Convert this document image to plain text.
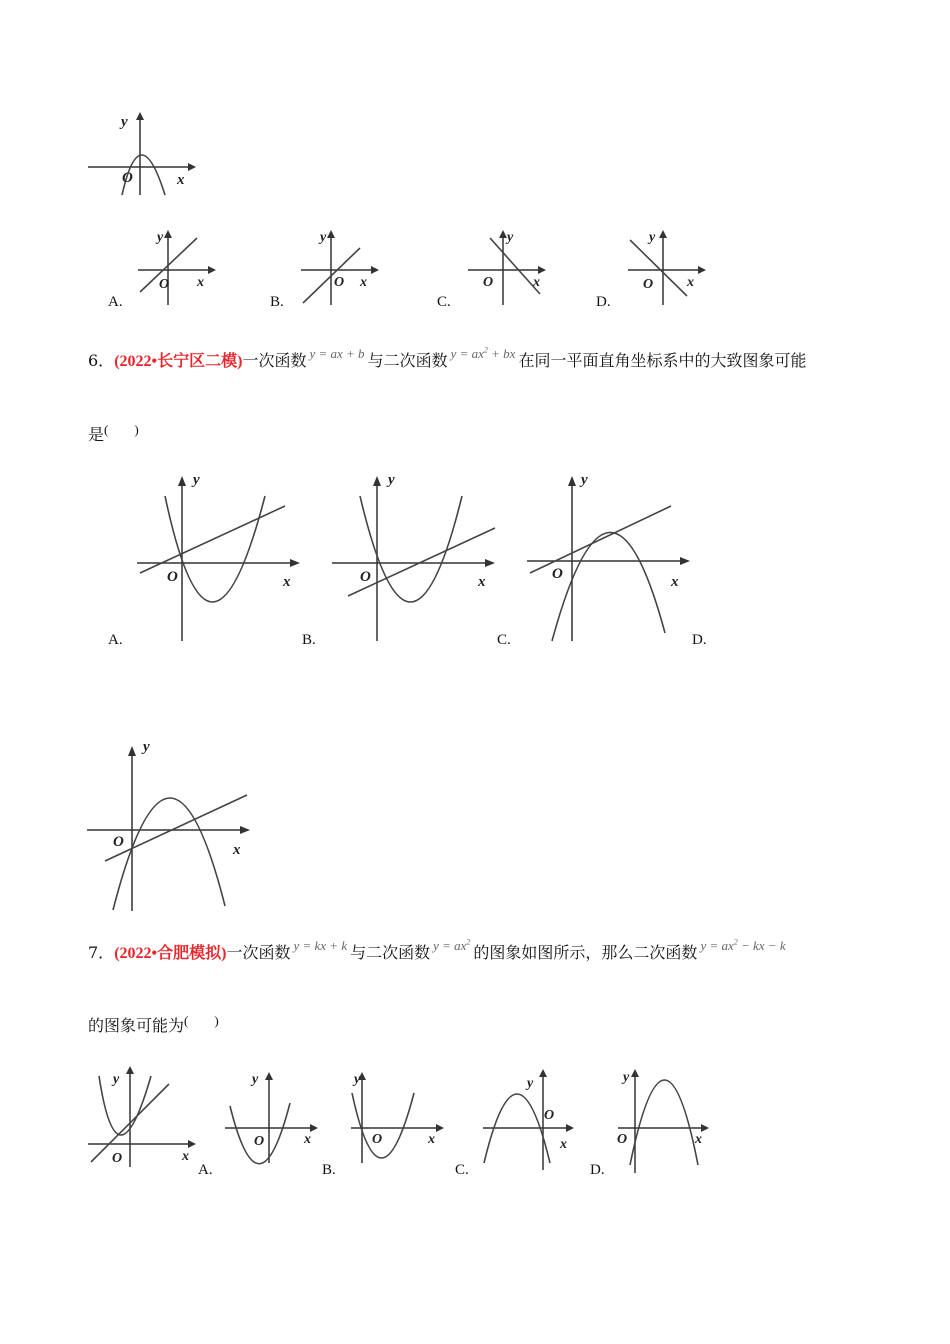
y
O	x
y
O x
A.
y
O x
B.
y
O	x
C.
y
O x
D.
6．(2022•长宁区二模)一次函数 $^{y = ax + b}$ 与二次函数 $^{y = ax^2 + bx}$ 在同一平面直角坐标系中的大致图象可能
是(　　)
y
O	x
A.
y
O	x
B.
y
O	x
C.	D.
y
O	x
7．(2022•合肥模拟)一次函数 $^{y = kx + k}$ 与二次函数 $^{y = ax^2}$的图象如图所示，那么二次函数 $^{y = ax^2 - kx - k}$
的图象可能为(　　)
y
O	x
y
O	x
A.
y
O	x
B.
y
O
x
C.
y
O	x
D.
